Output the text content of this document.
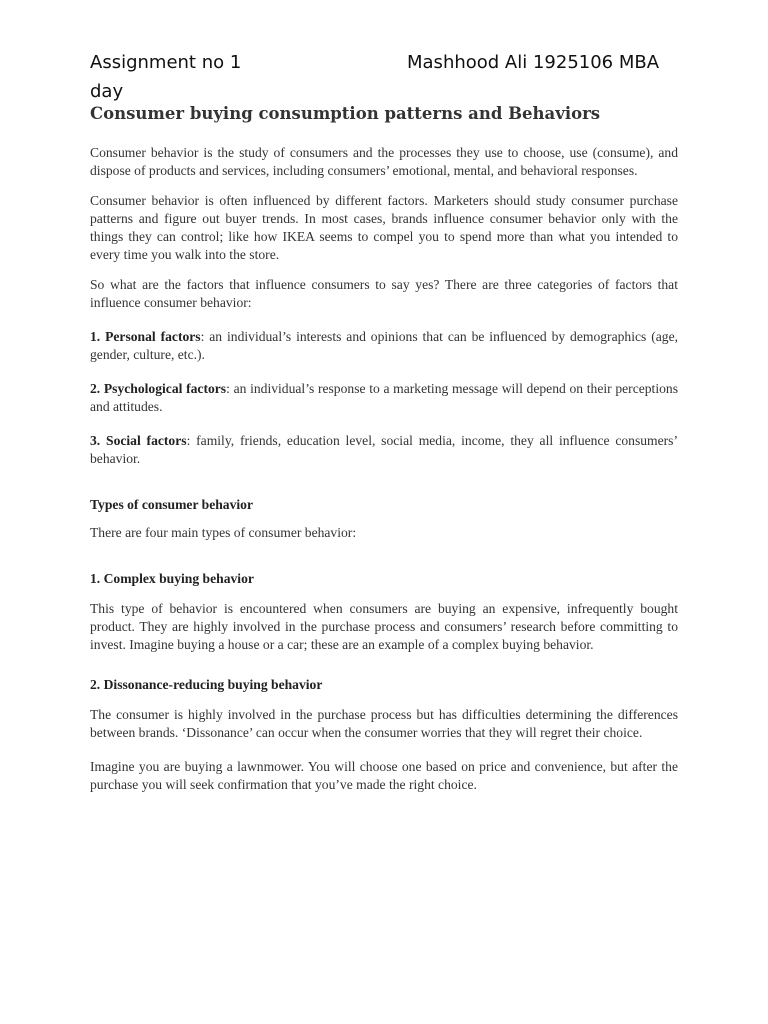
Assignment no 1	Mashhood Ali 1925106 MBA
day
Consumer buying consumption patterns and Behaviors

Consumer behavior is the study of consumers and the processes they use to choose, use (consume), and dispose of products and services, including consumers’ emotional, mental, and behavioral responses.

Consumer behavior is often influenced by different factors. Marketers should study consumer purchase patterns and figure out buyer trends. In most cases, brands influence consumer behavior only with the things they can control; like how IKEA seems to compel you to spend more than what you intended to every time you walk into the store.

So what are the factors that influence consumers to say yes? There are three categories of factors that influence consumer behavior:

1. Personal factors: an individual’s interests and opinions that can be influenced by demographics (age, gender, culture, etc.).

2. Psychological factors: an individual’s response to a marketing message will depend on their perceptions and attitudes.

3. Social factors: family, friends, education level, social media, income, they all influence consumers’ behavior.

Types of consumer behavior

There are four main types of consumer behavior:

1. Complex buying behavior

This type of behavior is encountered when consumers are buying an expensive, infrequently bought product. They are highly involved in the purchase process and consumers’ research before committing to invest. Imagine buying a house or a car; these are an example of a complex buying behavior.

2. Dissonance-reducing buying behavior

The consumer is highly involved in the purchase process but has difficulties determining the differences between brands. ‘Dissonance’ can occur when the consumer worries that they will regret their choice.

Imagine you are buying a lawnmower. You will choose one based on price and convenience, but after the purchase you will seek confirmation that you’ve made the right choice.
